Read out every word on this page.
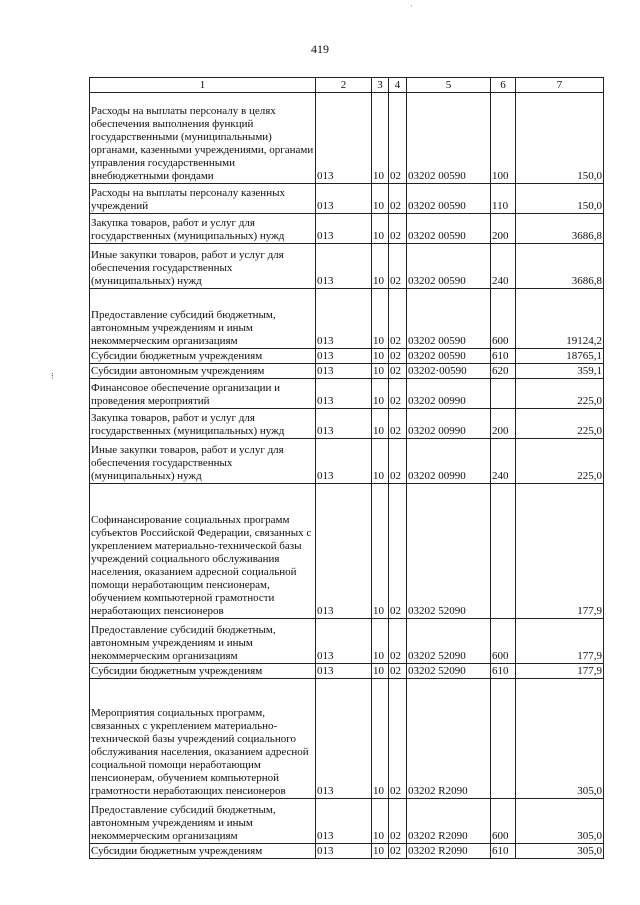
·
⁝
419
1	2	3	4	5	6	7
Расходы на выплаты персоналу в целях обеспечения выполнения функций государственными (муниципальными) органами, казенными учреждениями, органами управления государственными внебюджетными фондами	013	10	02	03202 00590	100	150,0
Расходы на выплаты персоналу казенных учреждений	013	10	02	03202 00590	110	150,0
Закупка товаров, работ и услуг для государственных (муниципальных) нужд	013	10	02	03202 00590	200	3686,8
Иные закупки товаров, работ и услуг для обеспечения государственных (муниципальных) нужд	013	10	02	03202 00590	240	3686,8
Предоставление субсидий бюджетным, автономным учреждениям и иным некоммерческим организациям	013	10	02	03202 00590	600	19124,2
Субсидии бюджетным учреждениям	013	10	02	03202 00590	610	18765,1
Субсидии автономным учреждениям	013	10	02	03202·00590	620	359,1
Финансовое обеспечение организации и проведения мероприятий	013	10	02	03202 00990		225,0
Закупка товаров, работ и услуг для государственных (муниципальных) нужд	013	10	02	03202 00990	200	225,0
Иные закупки товаров, работ и услуг для обеспечения государственных (муниципальных) нужд	013	10	02	03202 00990	240	225,0
Софинансирование социальных программ субъектов Российской Федерации, связанных с укреплением материально-технической базы учреждений социального обслуживания населения, оказанием адресной социальной помощи неработающим пенсионерам, обучением компьютерной грамотности неработающих пенсионеров	013	10	02	03202 52090		177,9
Предоставление субсидий бюджетным, автономным учреждениям и иным некоммерческим организациям	013	10	02	03202 52090	600	177,9
Субсидии бюджетным учреждениям	013	10	02	03202 52090	610	177,9
Мероприятия социальных программ, связанных с укреплением материально-технической базы учреждений социального обслуживания населения, оказанием адресной социальной помощи неработающим пенсионерам, обучением компьютерной грамотности неработающих пенсионеров	013	10	02	03202 R2090		305,0
Предоставление субсидий бюджетным, автономным учреждениям и иным некоммерческим организациям	013	10	02	03202 R2090	600	305,0
Субсидии бюджетным учреждениям	013	10	02	03202 R2090	610	305,0
